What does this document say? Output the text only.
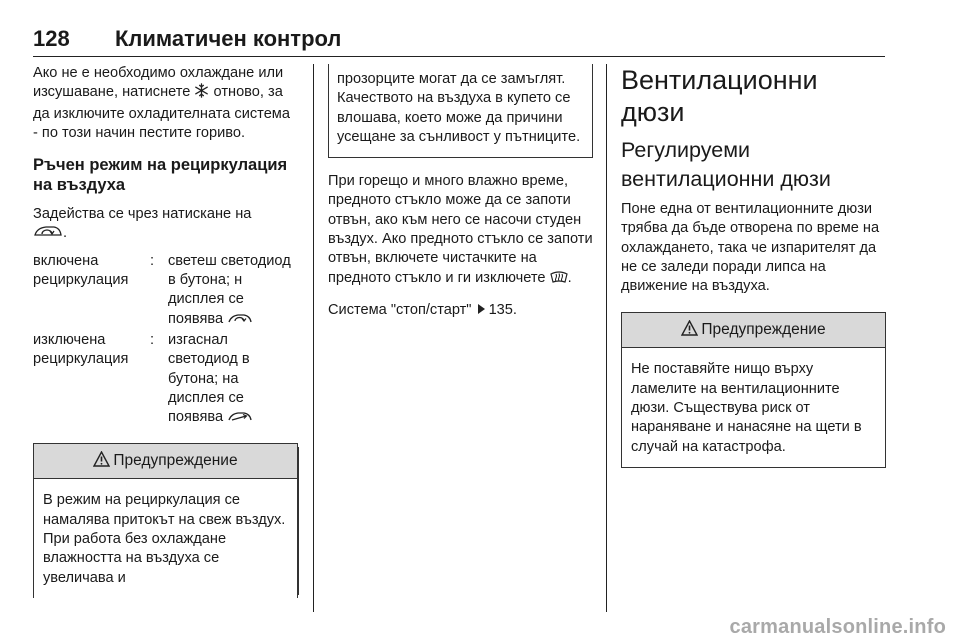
128 Климатичен контрол

Ако не е необходимо охлаждане или изсушаване, натиснете отново, за да изключите охладителната система - по този начин пестите гориво.

Ръчен режим на рециркулация на въздуха

Задейства се чрез натискане на
.

включена рециркулация
: светеш светодиод в бутона; н дисплея се появява
изключена рециркулация
: изгаснал светодиод в бутона; на дисплея се появява
Предупреждение

В режим на рециркулация се намалява притокът на свеж въздух. При работа без охлаждане влажността на въздуха се увеличава и

прозорците могат да се замъглят. Качеството на въздуха в купето се влошава, което може да причини усещане за сънливост у пътниците.

При горещо и много влажно време, предното стъкло може да се запоти отвън, ако към него се насочи студен въздух. Ако предното стъкло се запоти отвън, включете чистачките на предното стъкло и ги изключете .

Система "стоп/старт" 135.

Вентилационни дюзи

Регулируеми вентилационни дюзи

Поне една от вентилационните дюзи трябва да бъде отворена по време на охлаждането, така че изпарителят да не се заледи поради липса на движение на въздуха.

Предупреждение

Не поставяйте нищо върху ламелите на вентилационните дюзи. Съществува риск от нараняване и нанасяне на щети в случай на катастрофа.

carmanualsonline.info
